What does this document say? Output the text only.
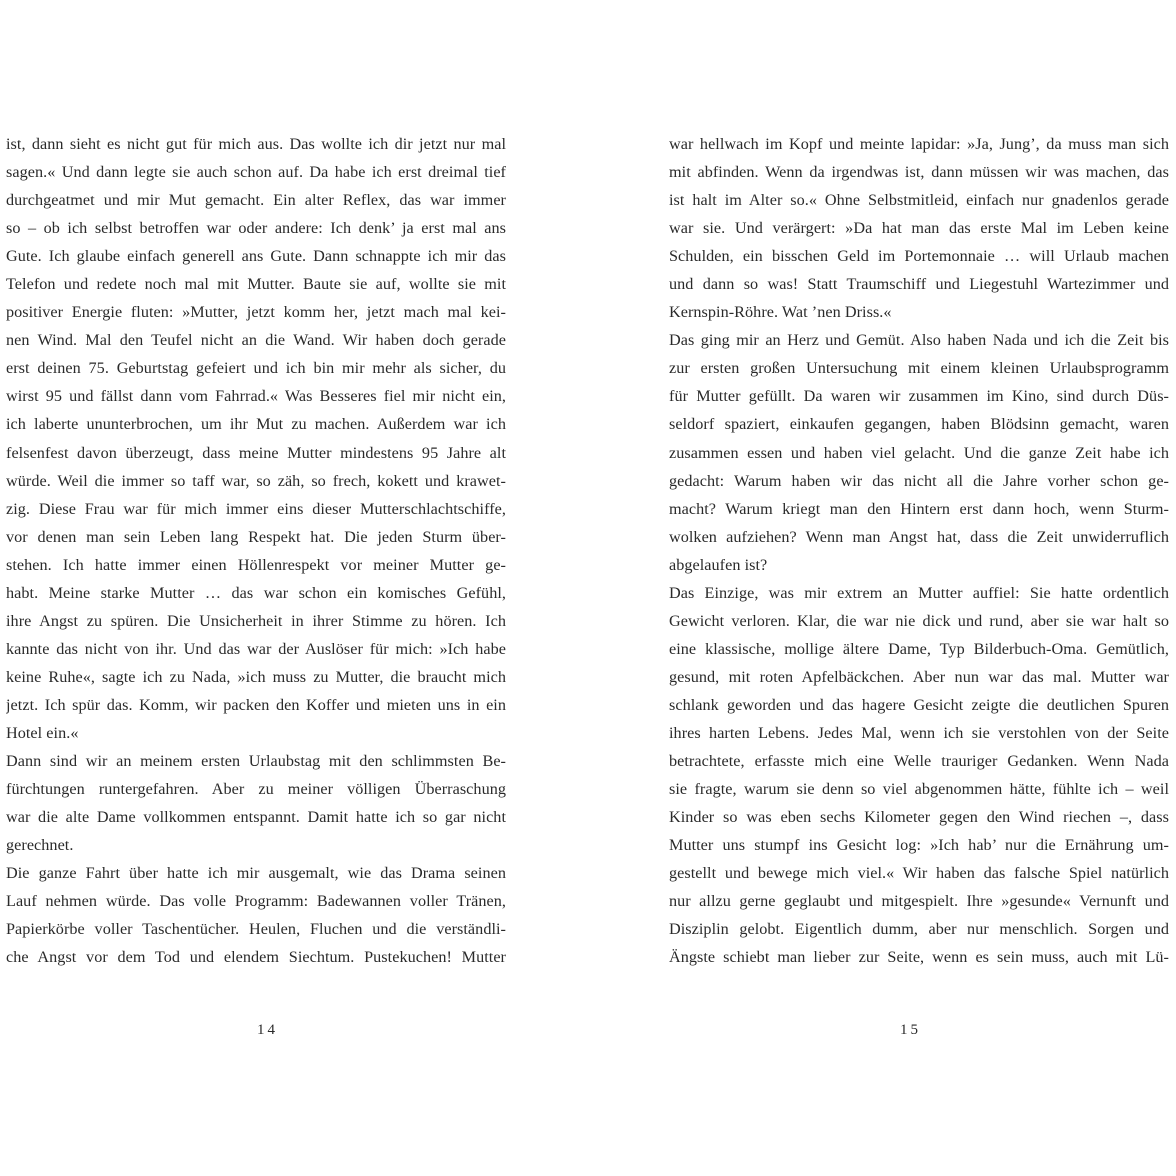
ist, dann sieht es nicht gut für mich aus. Das wollte ich dir jetzt nur mal
sagen.« Und dann legte sie auch schon auf. Da habe ich erst dreimal tief
durchgeatmet und mir Mut gemacht. Ein alter Reflex, das war immer
so – ob ich selbst betroffen war oder andere: Ich denk’ ja erst mal ans
Gute. Ich glaube einfach generell ans Gute. Dann schnappte ich mir das
Telefon und redete noch mal mit Mutter. Baute sie auf, wollte sie mit
positiver Energie fluten: »Mutter, jetzt komm her, jetzt mach mal kei-
nen Wind. Mal den Teufel nicht an die Wand. Wir haben doch gerade
erst deinen 75. Geburtstag gefeiert und ich bin mir mehr als sicher, du
wirst 95 und fällst dann vom Fahrrad.« Was Besseres fiel mir nicht ein,
ich laberte ununterbrochen, um ihr Mut zu machen. Außerdem war ich
felsenfest davon überzeugt, dass meine Mutter mindestens 95 Jahre alt
würde. Weil die immer so taff war, so zäh, so frech, kokett und krawet-
zig. Diese Frau war für mich immer eins dieser Mutterschlachtschiffe,
vor denen man sein Leben lang Respekt hat. Die jeden Sturm über-
stehen. Ich hatte immer einen Höllenrespekt vor meiner Mutter ge-
habt. Meine starke Mutter … das war schon ein komisches Gefühl,
ihre Angst zu spüren. Die Unsicherheit in ihrer Stimme zu hören. Ich
kannte das nicht von ihr. Und das war der Auslöser für mich: »Ich habe
keine Ruhe«, sagte ich zu Nada, »ich muss zu Mutter, die braucht mich
jetzt. Ich spür das. Komm, wir packen den Koffer und mieten uns in ein
Hotel ein.«
Dann sind wir an meinem ersten Urlaubstag mit den schlimmsten Be-
fürchtungen runtergefahren. Aber zu meiner völligen Überraschung
war die alte Dame vollkommen entspannt. Damit hatte ich so gar nicht
gerechnet.
Die ganze Fahrt über hatte ich mir ausgemalt, wie das Drama seinen
Lauf nehmen würde. Das volle Programm: Badewannen voller Tränen,
Papierkörbe voller Taschentücher. Heulen, Fluchen und die verständli-
che Angst vor dem Tod und elendem Siechtum. Pustekuchen! Mutter
14
war hellwach im Kopf und meinte lapidar: »Ja, Jung’, da muss man sich
mit abfinden. Wenn da irgendwas ist, dann müssen wir was machen, das
ist halt im Alter so.« Ohne Selbstmitleid, einfach nur gnadenlos gerade
war sie. Und verärgert: »Da hat man das erste Mal im Leben keine
Schulden, ein bisschen Geld im Portemonnaie … will Urlaub machen
und dann so was! Statt Traumschiff und Liegestuhl Wartezimmer und
Kernspin-Röhre. Wat ’nen Driss.«
Das ging mir an Herz und Gemüt. Also haben Nada und ich die Zeit bis
zur ersten großen Untersuchung mit einem kleinen Urlaubsprogramm
für Mutter gefüllt. Da waren wir zusammen im Kino, sind durch Düs-
seldorf spaziert, einkaufen gegangen, haben Blödsinn gemacht, waren
zusammen essen und haben viel gelacht. Und die ganze Zeit habe ich
gedacht: Warum haben wir das nicht all die Jahre vorher schon ge-
macht? Warum kriegt man den Hintern erst dann hoch, wenn Sturm-
wolken aufziehen? Wenn man Angst hat, dass die Zeit unwiderruflich
abgelaufen ist?
Das Einzige, was mir extrem an Mutter auffiel: Sie hatte ordentlich
Gewicht verloren. Klar, die war nie dick und rund, aber sie war halt so
eine klassische, mollige ältere Dame, Typ Bilderbuch-Oma. Gemütlich,
gesund, mit roten Apfelbäckchen. Aber nun war das mal. Mutter war
schlank geworden und das hagere Gesicht zeigte die deutlichen Spuren
ihres harten Lebens. Jedes Mal, wenn ich sie verstohlen von der Seite
betrachtete, erfasste mich eine Welle trauriger Gedanken. Wenn Nada
sie fragte, warum sie denn so viel abgenommen hätte, fühlte ich – weil
Kinder so was eben sechs Kilometer gegen den Wind riechen –, dass
Mutter uns stumpf ins Gesicht log: »Ich hab’ nur die Ernährung um-
gestellt und bewege mich viel.« Wir haben das falsche Spiel natürlich
nur allzu gerne geglaubt und mitgespielt. Ihre »gesunde« Vernunft und
Disziplin gelobt. Eigentlich dumm, aber nur menschlich. Sorgen und
Ängste schiebt man lieber zur Seite, wenn es sein muss, auch mit Lü-
15
